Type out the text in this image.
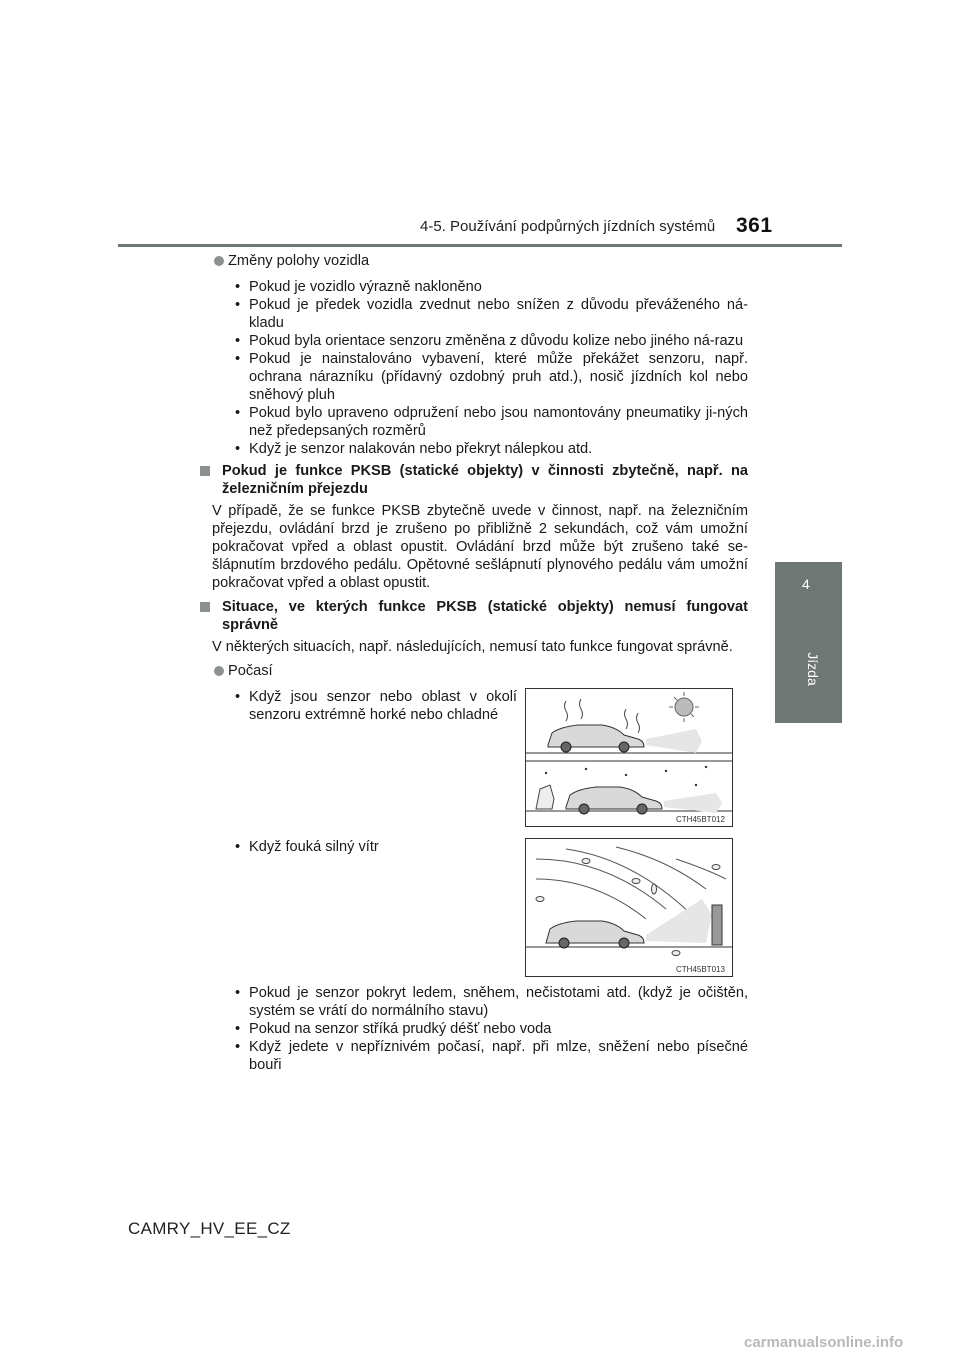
4-5. Používání podpůrných jízdních systémů 361
4
Jízda
Změny polohy vozidla
• Pokud je vozidlo výrazně nakloněno
• Pokud je předek vozidla zvednut nebo snížen z důvodu převáženého ná-kladu
• Pokud byla orientace senzoru změněna z důvodu kolize nebo jiného ná-razu
• Pokud je nainstalováno vybavení, které může překážet senzoru, např. ochrana nárazníku (přídavný ozdobný pruh atd.), nosič jízdních kol nebo sněhový pluh
• Pokud bylo upraveno odpružení nebo jsou namontovány pneumatiky ji-ných než předepsaných rozměrů
• Když je senzor nalakován nebo překryt nálepkou atd.
Pokud je funkce PKSB (statické objekty) v činnosti zbytečně, např. na železničním přejezdu

V případě, že se funkce PKSB zbytečně uvede v činnost, např. na železničním přejezdu, ovládání brzd je zrušeno po přibližně 2 sekundách, což vám umožní pokračovat vpřed a oblast opustit. Ovládání brzd může být zrušeno také se-šlápnutím brzdového pedálu. Opětovné sešlápnutí plynového pedálu vám umožní pokračovat vpřed a oblast opustit.

Situace, ve kterých funkce PKSB (statické objekty) nemusí fungovat správně

V některých situacích, např. následujících, nemusí tato funkce fungovat správně.

Počasí
• Když jsou senzor nebo oblast v okolí senzoru extrémně horké nebo chladné
CTH45BT012
• Když fouká silný vítr
CTH45BT013
• Pokud je senzor pokryt ledem, sněhem, nečistotami atd. (když je očištěn, systém se vrátí do normálního stavu)
• Pokud na senzor stříká prudký déšť nebo voda
• Když jedete v nepříznivém počasí, např. při mlze, sněžení nebo písečné bouři
CAMRY_HV_EE_CZ
carmanualsonline.info
